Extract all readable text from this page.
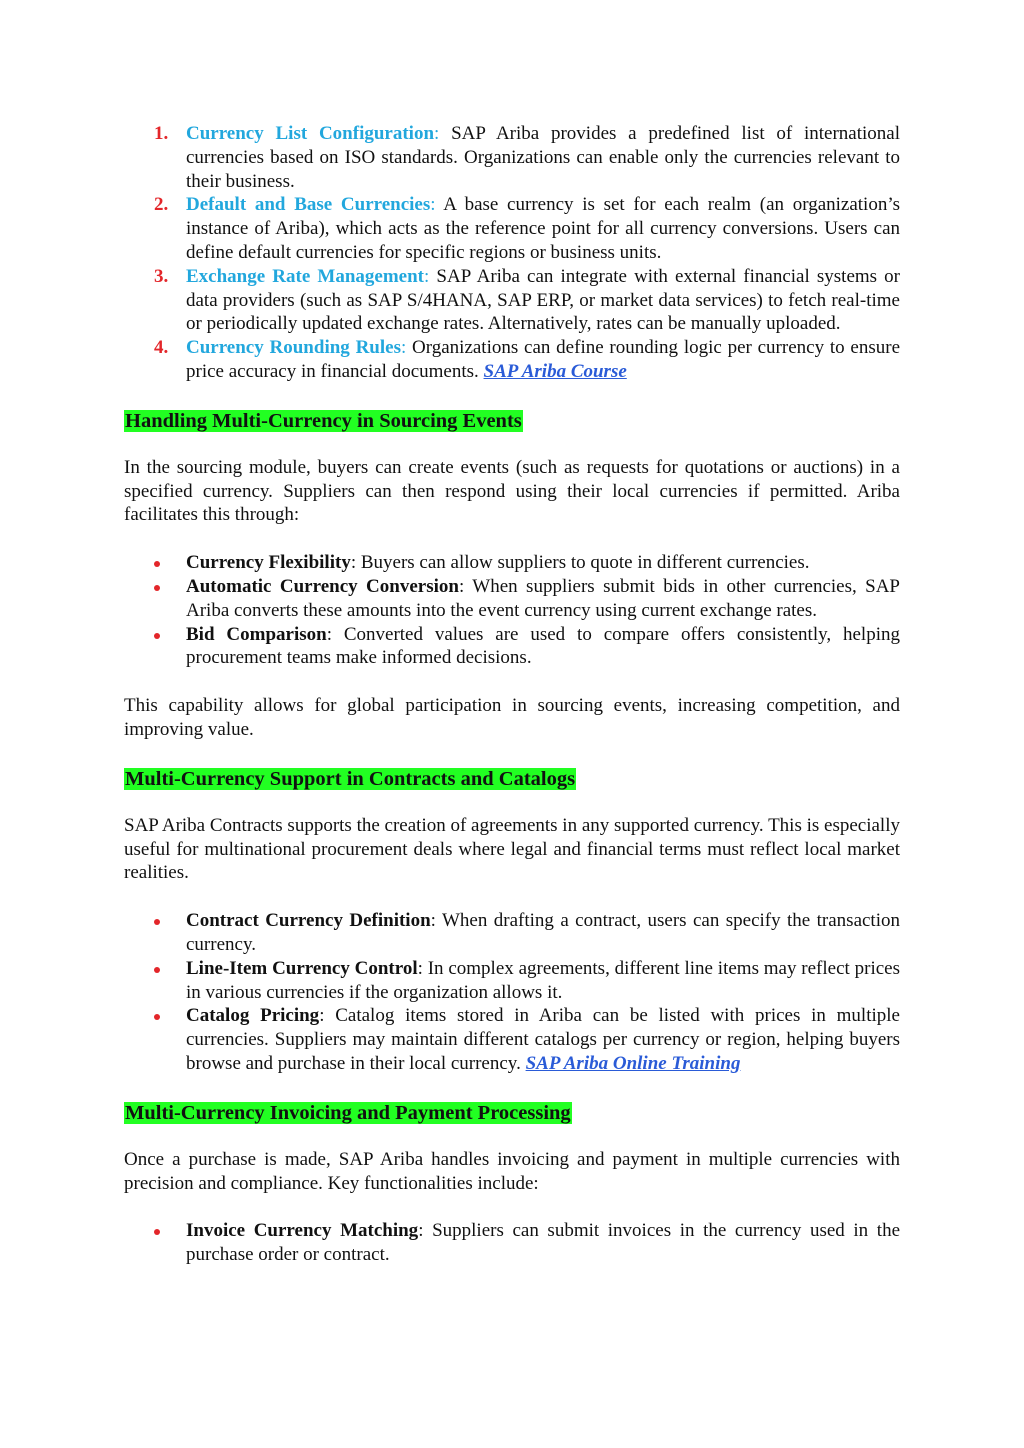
1. Currency List Configuration: SAP Ariba provides a predefined list of international currencies based on ISO standards. Organizations can enable only the currencies relevant to their business.
2. Default and Base Currencies: A base currency is set for each realm (an organization’s instance of Ariba), which acts as the reference point for all currency conversions. Users can define default currencies for specific regions or business units.
3. Exchange Rate Management: SAP Ariba can integrate with external financial systems or data providers (such as SAP S/4HANA, SAP ERP, or market data services) to fetch real-time or periodically updated exchange rates. Alternatively, rates can be manually uploaded.
4. Currency Rounding Rules: Organizations can define rounding logic per currency to ensure price accuracy in financial documents. SAP Ariba Course
Handling Multi-Currency in Sourcing Events

In the sourcing module, buyers can create events (such as requests for quotations or auctions) in a specified currency. Suppliers can then respond using their local currencies if permitted. Ariba facilitates this through:

Currency Flexibility: Buyers can allow suppliers to quote in different currencies.
Automatic Currency Conversion: When suppliers submit bids in other currencies, SAP Ariba converts these amounts into the event currency using current exchange rates.
Bid Comparison: Converted values are used to compare offers consistently, helping procurement teams make informed decisions.

This capability allows for global participation in sourcing events, increasing competition, and improving value.

Multi-Currency Support in Contracts and Catalogs

SAP Ariba Contracts supports the creation of agreements in any supported currency. This is especially useful for multinational procurement deals where legal and financial terms must reflect local market realities.

Contract Currency Definition: When drafting a contract, users can specify the transaction currency.
Line-Item Currency Control: In complex agreements, different line items may reflect prices in various currencies if the organization allows it.
Catalog Pricing: Catalog items stored in Ariba can be listed with prices in multiple currencies. Suppliers may maintain different catalogs per currency or region, helping buyers browse and purchase in their local currency. SAP Ariba Online Training
Multi-Currency Invoicing and Payment Processing

Once a purchase is made, SAP Ariba handles invoicing and payment in multiple currencies with precision and compliance. Key functionalities include:

Invoice Currency Matching: Suppliers can submit invoices in the currency used in the purchase order or contract.
